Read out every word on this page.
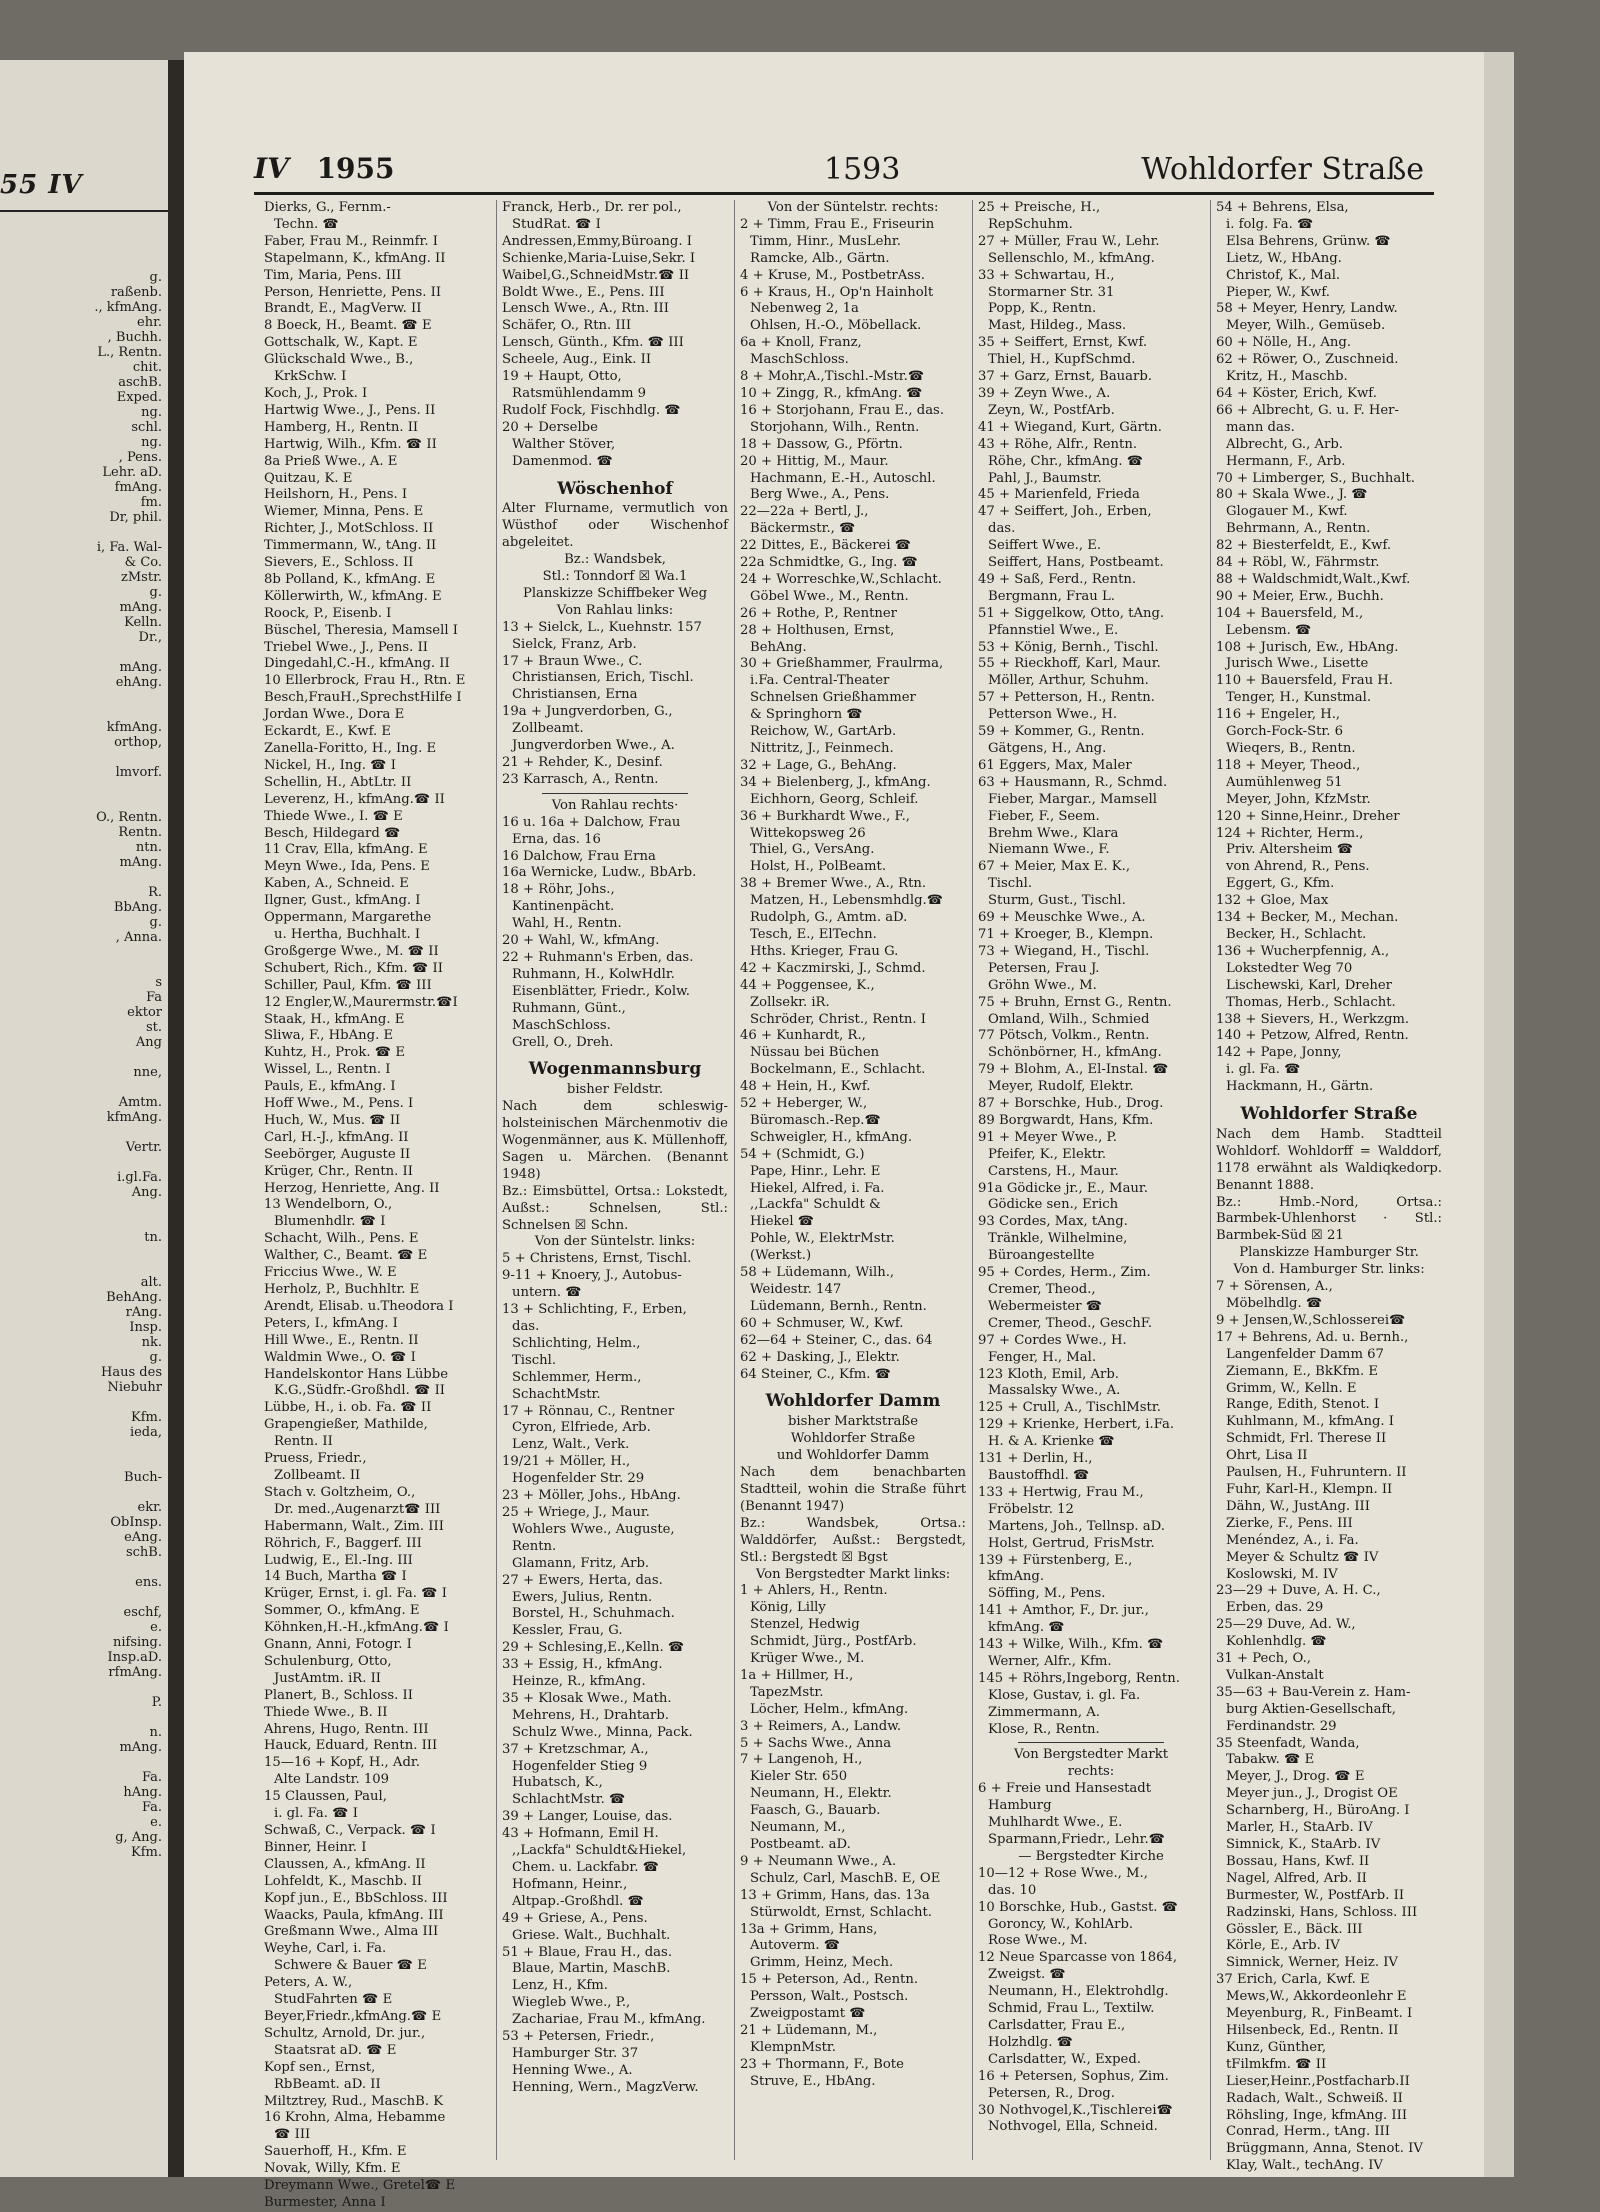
55 IV
g.
raßenb.
., kfmAng.
ehr.
, Buchh.
L., Rentn.
chit.
aschB.
Exped.
ng.
schl.
ng.
, Pens.
Lehr. aD.
fmAng.
fm.
Dr, phil.

i, Fa. Wal-
& Co.
zMstr.
g.
mAng.
Kelln.
Dr.,

mAng.
ehAng.

kfmAng.
orthop,

lmvorf.

O., Rentn.
Rentn.
ntn.
mAng.

R.
BbAng.
g.
, Anna.

s
Fa
ektor
st.
Ang

nne,

Amtm.
kfmAng.

Vertr.

i.gl.Fa.
Ang.

tn.

alt.
BehAng.
rAng.
Insp.
nk.
g.
Haus des
Niebuhr

Kfm.
ieda,

Buch-

ekr.
ObInsp.
eAng.
schB.

ens.

eschf,
e.
nifsing.
Insp.aD.
rfmAng.

P.

n.
mAng.

Fa.
hAng.
Fa.
e.
g, Ang.
Kfm.
IV 1955	1593	Wohldorfer Straße
Dierks, G., Fernm.-
Techn. ☎
Faber, Frau M., Reinmfr. I
Stapelmann, K., kfmAng. II
Tim, Maria, Pens. III
Person, Henriette, Pens. II
Brandt, E., MagVerw. II
8 Boeck, H., Beamt. ☎ E
Gottschalk, W., Kapt. E
Glückschald Wwe., B.,
KrkSchw. I
Koch, J., Prok. I
Hartwig Wwe., J., Pens. II
Hamberg, H., Rentn. II
Hartwig, Wilh., Kfm. ☎ II
8a Prieß Wwe., A. E
Quitzau, K. E
Heilshorn, H., Pens. I
Wiemer, Minna, Pens. E
Richter, J., MotSchloss. II
Timmermann, W., tAng. II
Sievers, E., Schloss. II
8b Polland, K., kfmAng. E
Köllerwirth, W., kfmAng. E
Roock, P., Eisenb. I
Büschel, Theresia, Mamsell I
Triebel Wwe., J., Pens. II
Dingedahl,C.-H., kfmAng. II
10 Ellerbrock, Frau H., Rtn. E
Besch,FrauH.,SprechstHilfe I
Jordan Wwe., Dora E
Eckardt, E., Kwf. E
Zanella-Foritto, H., Ing. E
Nickel, H., Ing. ☎ I
Schellin, H., AbtLtr. II
Leverenz, H., kfmAng.☎ II
Thiede Wwe., I. ☎ E
Besch, Hildegard ☎
11 Crav, Ella, kfmAng. E
Meyn Wwe., Ida, Pens. E
Kaben, A., Schneid. E
Ilgner, Gust., kfmAng. I
Oppermann, Margarethe
u. Hertha, Buchhalt. I
Großgerge Wwe., M. ☎ II
Schubert, Rich., Kfm. ☎ II
Schiller, Paul, Kfm. ☎ III
12 Engler,W.,Maurermstr.☎I
Staak, H., kfmAng. E
Sliwa, F., HbAng. E
Kuhtz, H., Prok. ☎ E
Wissel, L., Rentn. I
Pauls, E., kfmAng. I
Hoff Wwe., M., Pens. I
Huch, W., Mus. ☎ II
Carl, H.-J., kfmAng. II
Seebörger, Auguste II
Krüger, Chr., Rentn. II
Herzog, Henriette, Ang. II
13 Wendelborn, O.,
Blumenhdlr. ☎ I
Schacht, Wilh., Pens. E
Walther, C., Beamt. ☎ E
Friccius Wwe., W. E
Herholz, P., Buchhltr. E
Arendt, Elisab. u.Theodora I
Peters, I., kfmAng. I
Hill Wwe., E., Rentn. II
Waldmin Wwe., O. ☎ I
Handelskontor Hans Lübbe
K.G.,Südfr.-Großhdl. ☎ II
Lübbe, H., i. ob. Fa. ☎ II
Grapengießer, Mathilde,
Rentn. II
Pruess, Friedr.,
Zollbeamt. II
Stach v. Goltzheim, O.,
Dr. med.,Augenarzt☎ III
Habermann, Walt., Zim. III
Röhrich, F., Baggerf. III
Ludwig, E., El.-Ing. III
14 Buch, Martha ☎ I
Krüger, Ernst, i. gl. Fa. ☎ I
Sommer, O., kfmAng. E
Köhnken,H.-H.,kfmAng.☎ I
Gnann, Anni, Fotogr. I
Schulenburg, Otto,
JustAmtm. iR. II
Planert, B., Schloss. II
Thiede Wwe., B. II
Ahrens, Hugo, Rentn. III
Hauck, Eduard, Rentn. III
15—16 + Kopf, H., Adr.
Alte Landstr. 109
15 Claussen, Paul,
i. gl. Fa. ☎ I
Schwaß, C., Verpack. ☎ I
Binner, Heinr. I
Claussen, A., kfmAng. II
Lohfeldt, K., Maschb. II
Kopf jun., E., BbSchloss. III
Waacks, Paula, kfmAng. III
Greßmann Wwe., Alma III
Weyhe, Carl, i. Fa.
Schwere & Bauer ☎ E
Peters, A. W.,
StudFahrten ☎ E
Beyer,Friedr.,kfmAng.☎ E
Schultz, Arnold, Dr. jur.,
Staatsrat aD. ☎ E
Kopf sen., Ernst,
RbBeamt. aD. II
Miltztrey, Rud., MaschB. K
16 Krohn, Alma, Hebamme
☎ III
Sauerhoff, H., Kfm. E
Novak, Willy, Kfm. E
Dreymann Wwe., Gretel☎ E
Burmester, Anna I
Franck, Herb., Dr. rer pol.,
StudRat. ☎ I
Andressen,Emmy,Büroang. I
Schienke,Maria-Luise,Sekr. I
Waibel,G.,SchneidMstr.☎ II
Boldt Wwe., E., Pens. III
Lensch Wwe., A., Rtn. III
Schäfer, O., Rtn. III
Lensch, Günth., Kfm. ☎ III
Scheele, Aug., Eink. II
19 + Haupt, Otto,
Ratsmühlendamm 9
Rudolf Fock, Fischhdlg. ☎
20 + Derselbe
Walther Stöver,
Damenmod. ☎
Wöschenhof
Alter Flurname, vermutlich von Wüsthof oder Wischenhof abgeleitet.
Bz.: Wandsbek,
Stl.: Tonndorf ☒ Wa.1
Planskizze Schiffbeker Weg
Von Rahlau links:
13 + Sielck, L., Kuehnstr. 157
Sielck, Franz, Arb.
17 + Braun Wwe., C.
Christiansen, Erich, Tischl.
Christiansen, Erna
19a + Jungverdorben, G.,
Zollbeamt.
Jungverdorben Wwe., A.
21 + Rehder, K., Desinf.
23 Karrasch, A., Rentn.
Von Rahlau rechts·
16 u. 16a + Dalchow, Frau
Erna, das. 16
16 Dalchow, Frau Erna
16a Wernicke, Ludw., BbArb.
18 + Röhr, Johs.,
Kantinenpächt.
Wahl, H., Rentn.
20 + Wahl, W., kfmAng.
22 + Ruhmann's Erben, das.
Ruhmann, H., KolwHdlr.
Eisenblätter, Friedr., Kolw.
Ruhmann, Günt.,
MaschSchloss.
Grell, O., Dreh.
Wogenmannsburg
bisher Feldstr.
Nach dem schleswig-holsteinischen Märchenmotiv die Wogenmänner, aus K. Müllenhoff, Sagen u. Märchen. (Benannt 1948)
Bz.: Eimsbüttel, Ortsa.: Lokstedt, Außst.: Schnelsen, Stl.: Schnelsen ☒ Schn.
Von der Süntelstr. links:
5 + Christens, Ernst, Tischl.
9-11 + Knoery, J., Autobus-
untern. ☎
13 + Schlichting, F., Erben,
das.
Schlichting, Helm.,
Tischl.
Schlemmer, Herm.,
SchachtMstr.
17 + Rönnau, C., Rentner
Cyron, Elfriede, Arb.
Lenz, Walt., Verk.
19/21 + Möller, H.,
Hogenfelder Str. 29
23 + Möller, Johs., HbAng.
25 + Wriege, J., Maur.
Wohlers Wwe., Auguste,
Rentn.
Glamann, Fritz, Arb.
27 + Ewers, Herta, das.
Ewers, Julius, Rentn.
Borstel, H., Schuhmach.
Kessler, Frau, G.
29 + Schlesing,E.,Kelln. ☎
33 + Essig, H., kfmAng.
Heinze, R., kfmAng.
35 + Klosak Wwe., Math.
Mehrens, H., Drahtarb.
Schulz Wwe., Minna, Pack.
37 + Kretzschmar, A.,
Hogenfelder Stieg 9
Hubatsch, K.,
SchlachtMstr. ☎
39 + Langer, Louise, das.
43 + Hofmann, Emil H.
,,Lackfa" Schuldt&Hiekel,
Chem. u. Lackfabr. ☎
Hofmann, Heinr.,
Altpap.-Großhdl. ☎
49 + Griese, A., Pens.
Griese. Walt., Buchhalt.
51 + Blaue, Frau H., das.
Blaue, Martin, MaschB.
Lenz, H., Kfm.
Wiegleb Wwe., P.,
Zachariae, Frau M., kfmAng.
53 + Petersen, Friedr.,
Hamburger Str. 37
Henning Wwe., A.
Henning, Wern., MagzVerw.
Von der Süntelstr. rechts:
2 + Timm, Frau E., Friseurin
Timm, Hinr., MusLehr.
Ramcke, Alb., Gärtn.
4 + Kruse, M., PostbetrAss.
6 + Kraus, H., Op'n Hainholt
Nebenweg 2, 1a
Ohlsen, H.-O., Möbellack.
6a + Knoll, Franz,
MaschSchloss.
8 + Mohr,A.,Tischl.-Mstr.☎
10 + Zingg, R., kfmAng. ☎
16 + Storjohann, Frau E., das.
Storjohann, Wilh., Rentn.
18 + Dassow, G., Pförtn.
20 + Hittig, M., Maur.
Hachmann, E.-H., Autoschl.
Berg Wwe., A., Pens.
22—22a + Bertl, J.,
Bäckermstr., ☎
22 Dittes, E., Bäckerei ☎
22a Schmidtke, G., Ing. ☎
24 + Worreschke,W.,Schlacht.
Göbel Wwe., M., Rentn.
26 + Rothe, P., Rentner
28 + Holthusen, Ernst,
BehAng.
30 + Grießhammer, Fraulrma,
i.Fa. Central-Theater
Schnelsen Grießhammer
& Springhorn ☎
Reichow, W., GartArb.
Nittritz, J., Feinmech.
32 + Lage, G., BehAng.
34 + Bielenberg, J., kfmAng.
Eichhorn, Georg, Schleif.
36 + Burkhardt Wwe., F.,
Wittekopsweg 26
Thiel, G., VersAng.
Holst, H., PolBeamt.
38 + Bremer Wwe., A., Rtn.
Matzen, H., Lebensmhdlg.☎
Rudolph, G., Amtm. aD.
Tesch, E., ElTechn.
Hths. Krieger, Frau G.
42 + Kaczmirski, J., Schmd.
44 + Poggensee, K.,
Zollsekr. iR.
Schröder, Christ., Rentn. I
46 + Kunhardt, R.,
Nüssau bei Büchen
Bockelmann, E., Schlacht.
48 + Hein, H., Kwf.
52 + Heberger, W.,
Büromasch.-Rep.☎
Schweigler, H., kfmAng.
54 + (Schmidt, G.)
Pape, Hinr., Lehr. E
Hiekel, Alfred, i. Fa.
,,Lackfa" Schuldt &
Hiekel ☎
Pohle, W., ElektrMstr.
(Werkst.)
58 + Lüdemann, Wilh.,
Weidestr. 147
Lüdemann, Bernh., Rentn.
60 + Schmuser, W., Kwf.
62—64 + Steiner, C., das. 64
62 + Dasking, J., Elektr.
64 Steiner, C., Kfm. ☎
Wohldorfer Damm
bisher Marktstraße
Wohldorfer Straße
und Wohldorfer Damm
Nach dem benachbarten Stadtteil, wohin die Straße führt (Benannt 1947)
Bz.: Wandsbek, Ortsa.: Walddörfer, Außst.: Bergstedt, Stl.: Bergstedt ☒ Bgst
Von Bergstedter Markt links:
1 + Ahlers, H., Rentn.
König, Lilly
Stenzel, Hedwig
Schmidt, Jürg., PostfArb.
Krüger Wwe., M.
1a + Hillmer, H.,
TapezMstr.
Löcher, Helm., kfmAng.
3 + Reimers, A., Landw.
5 + Sachs Wwe., Anna
7 + Langenoh, H.,
Kieler Str. 650
Neumann, H., Elektr.
Faasch, G., Bauarb.
Neumann, M.,
Postbeamt. aD.
9 + Neumann Wwe., A.
Schulz, Carl, MaschB. E, OE
13 + Grimm, Hans, das. 13a
Stürwoldt, Ernst, Schlacht.
13a + Grimm, Hans,
Autoverm. ☎
Grimm, Heinz, Mech.
15 + Peterson, Ad., Rentn.
Persson, Walt., Postsch.
Zweigpostamt ☎
21 + Lüdemann, M.,
KlempnMstr.
23 + Thormann, F., Bote
Struve, E., HbAng.
25 + Preische, H.,
RepSchuhm.
27 + Müller, Frau W., Lehr.
Sellenschlo, M., kfmAng.
33 + Schwartau, H.,
Stormarner Str. 31
Popp, K., Rentn.
Mast, Hildeg., Mass.
35 + Seiffert, Ernst, Kwf.
Thiel, H., KupfSchmd.
37 + Garz, Ernst, Bauarb.
39 + Zeyn Wwe., A.
Zeyn, W., PostfArb.
41 + Wiegand, Kurt, Gärtn.
43 + Röhe, Alfr., Rentn.
Röhe, Chr., kfmAng. ☎
Pahl, J., Baumstr.
45 + Marienfeld, Frieda
47 + Seiffert, Joh., Erben,
das.
Seiffert Wwe., E.
Seiffert, Hans, Postbeamt.
49 + Saß, Ferd., Rentn.
Bergmann, Frau L.
51 + Siggelkow, Otto, tAng.
Pfannstiel Wwe., E.
53 + König, Bernh., Tischl.
55 + Rieckhoff, Karl, Maur.
Möller, Arthur, Schuhm.
57 + Petterson, H., Rentn.
Petterson Wwe., H.
59 + Kommer, G., Rentn.
Gätgens, H., Ang.
61 Eggers, Max, Maler
63 + Hausmann, R., Schmd.
Fieber, Margar., Mamsell
Fieber, F., Seem.
Brehm Wwe., Klara
Niemann Wwe., F.
67 + Meier, Max E. K.,
Tischl.
Sturm, Gust., Tischl.
69 + Meuschke Wwe., A.
71 + Kroeger, B., Klempn.
73 + Wiegand, H., Tischl.
Petersen, Frau J.
Gröhn Wwe., M.
75 + Bruhn, Ernst G., Rentn.
Omland, Wilh., Schmied
77 Pötsch, Volkm., Rentn.
Schönbörner, H., kfmAng.
79 + Blohm, A., El-Instal. ☎
Meyer, Rudolf, Elektr.
87 + Borschke, Hub., Drog.
89 Borgwardt, Hans, Kfm.
91 + Meyer Wwe., P.
Pfeifer, K., Elektr.
Carstens, H., Maur.
91a Gödicke jr., E., Maur.
Gödicke sen., Erich
93 Cordes, Max, tAng.
Tränkle, Wilhelmine,
Büroangestellte
95 + Cordes, Herm., Zim.
Cremer, Theod.,
Webermeister ☎
Cremer, Theod., GeschF.
97 + Cordes Wwe., H.
Fenger, H., Mal.
123 Kloth, Emil, Arb.
Massalsky Wwe., A.
125 + Crull, A., TischlMstr.
129 + Krienke, Herbert, i.Fa.
H. & A. Krienke ☎
131 + Derlin, H.,
Baustoffhdl. ☎
133 + Hertwig, Frau M.,
Fröbelstr. 12
Martens, Joh., Tellnsp. aD.
Holst, Gertrud, FrisMstr.
139 + Fürstenberg, E.,
kfmAng.
Söffing, M., Pens.
141 + Amthor, F., Dr. jur.,
kfmAng. ☎
143 + Wilke, Wilh., Kfm. ☎
Werner, Alfr., Kfm.
145 + Röhrs,Ingeborg, Rentn.
Klose, Gustav, i. gl. Fa.
Zimmermann, A.
Klose, R., Rentn.
Von Bergstedter Markt
rechts:
6 + Freie und Hansestadt
Hamburg
Muhlhardt Wwe., E.
Sparmann,Friedr., Lehr.☎
— Bergstedter Kirche
10—12 + Rose Wwe., M.,
das. 10
10 Borschke, Hub., Gastst. ☎
Gorоncy, W., KohlArb.
Rose Wwe., M.
12 Neue Sparcasse von 1864,
Zweigst. ☎
Neumann, H., Elektrohdlg.
Schmid, Frau L., Textilw.
Carlsdatter, Frau E.,
Holzhdlg. ☎
Carlsdatter, W., Exped.
16 + Petersen, Sophus, Zim.
Petersen, R., Drog.
30 Nothvogel,K.,Tischlerei☎
Nothvogel, Ella, Schneid.
54 + Behrens, Elsa,
i. folg. Fa. ☎
Elsa Behrens, Grünw. ☎
Lietz, W., HbAng.
Christof, K., Mal.
Pieper, W., Kwf.
58 + Meyer, Henry, Landw.
Meyer, Wilh., Gemüseb.
60 + Nölle, H., Ang.
62 + Röwer, O., Zuschneid.
Kritz, H., Maschb.
64 + Köster, Erich, Kwf.
66 + Albrecht, G. u. F. Her-
mann das.
Albrecht, G., Arb.
Hermann, F., Arb.
70 + Limberger, S., Buchhalt.
80 + Skala Wwe., J. ☎
Glogauer M., Kwf.
Behrmann, A., Rentn.
82 + Biesterfeldt, E., Kwf.
84 + Röbl, W., Fährmstr.
88 + Waldschmidt,Walt.,Kwf.
90 + Meier, Erw., Buchh.
104 + Bauersfeld, M.,
Lebensm. ☎
108 + Jurisch, Ew., HbAng.
Jurisch Wwe., Lisette
110 + Bauersfeld, Frau H.
Tenger, H., Kunstmal.
116 + Engeler, H.,
Gorch-Fock-Str. 6
Wieqers, B., Rentn.
118 + Meyer, Theod.,
Aumühlenweg 51
Meyer, John, KfzMstr.
120 + Sinne,Heinr., Dreher
124 + Richter, Herm.,
Priv. Altersheim ☎
von Ahrend, R., Pens.
Eggert, G., Kfm.
132 + Gloe, Max
134 + Becker, M., Mechan.
Becker, H., Schlacht.
136 + Wucherpfennig, A.,
Lokstedter Weg 70
Lischewski, Karl, Dreher
Thomas, Herb., Schlacht.
138 + Sievers, H., Werkzgm.
140 + Petzow, Alfred, Rentn.
142 + Pape, Jonny,
i. gl. Fa. ☎
Hackmann, H., Gärtn.
Wohldorfer Straße
Nach dem Hamb. Stadtteil Wohldorf. Wohldorff = Walddorf, 1178 erwähnt als Waldiqkedorp. Benannt 1888.
Bz.: Hmb.-Nord, Ortsa.: Barmbek-Uhlenhorst · Stl.: Barmbek-Süd ☒ 21
Planskizze Hamburger Str.
Von d. Hamburger Str. links:
7 + Sörensen, A.,
Möbelhdlg. ☎
9 + Jensen,W.,Schlosserei☎
17 + Behrens, Ad. u. Bernh.,
Langenfelder Damm 67
Ziemann, E., BkKfm. E
Grimm, W., Kelln. E
Range, Edith, Stenot. I
Kuhlmann, M., kfmAng. I
Schmidt, Frl. Therese II
Ohrt, Lisa II
Paulsen, H., Fuhruntern. II
Fuhr, Karl-H., Klempn. II
Dähn, W., JustAng. III
Zierke, F., Pens. III
Menéndez, A., i. Fa.
Meyer & Schultz ☎ IV
Koslowski, M. IV
23—29 + Duve, A. H. C.,
Erben, das. 29
25—29 Duve, Ad. W.,
Kohlenhdlg. ☎
31 + Pech, O.,
Vulkan-Anstalt
35—63 + Bau-Verein z. Ham-
burg Aktien-Gesellschaft,
Ferdinandstr. 29
35 Steenfadt, Wanda,
Tabakw. ☎ E
Meyer, J., Drog. ☎ E
Meyer jun., J., Drogist OE
Scharnberg, H., BüroAng. I
Marler, H., StaArb. IV
Simnick, K., StaArb. IV
Bossau, Hans, Kwf. II
Nagel, Alfred, Arb. II
Burmester, W., PostfArb. II
Radzinski, Hans, Schloss. III
Gössler, E., Bäck. III
Körle, E., Arb. IV
Simnick, Werner, Heiz. IV
37 Erich, Carla, Kwf. E
Mews,W., Akkordeonlehr E
Meyenburg, R., FinBeamt. I
Hilsenbeck, Ed., Rentn. II
Kunz, Günther,
tFilmkfm. ☎ II
Lieser,Heinr.,Postfacharb.II
Radach, Walt., Schweiß. II
Röhsling, Inge, kfmAng. III
Conrad, Herm., tAng. III
Brüggmann, Anna, Stenot. IV
Klay, Walt., techAng. IV
